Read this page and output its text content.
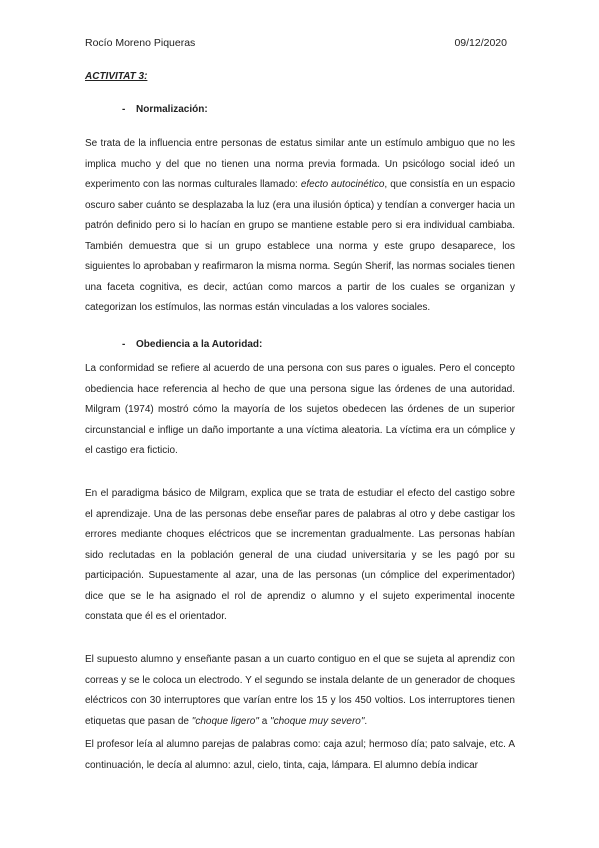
Rocío Moreno Piqueras	09/12/2020
ACTIVITAT 3:
- Normalización:

Se trata de la influencia entre personas de estatus similar ante un estímulo ambiguo que no les implica mucho y del que no tienen una norma previa formada. Un psicólogo social ideó un experimento con las normas culturales llamado: efecto autocinético, que consistía en un espacio oscuro saber cuánto se desplazaba la luz (era una ilusión óptica) y tendían a converger hacia un patrón definido pero si lo hacían en grupo se mantiene estable pero si era individual cambiaba. También demuestra que si un grupo establece una norma y este grupo desaparece, los siguientes lo aprobaban y reafirmaron la misma norma. Según Sherif, las normas sociales tienen una faceta cognitiva, es decir, actúan como marcos a partir de los cuales se organizan y categorizan los estímulos, las normas están vinculadas a los valores sociales.

- Obediencia a la Autoridad:

La conformidad se refiere al acuerdo de una persona con sus pares o iguales. Pero el concepto obediencia hace referencia al hecho de que una persona sigue las órdenes de una autoridad. Milgram (1974) mostró cómo la mayoría de los sujetos obedecen las órdenes de un superior circunstancial e inflige un daño importante a una víctima aleatoria. La víctima era un cómplice y el castigo era ficticio.

En el paradigma básico de Milgram, explica que se trata de estudiar el efecto del castigo sobre el aprendizaje. Una de las personas debe enseñar pares de palabras al otro y debe castigar los errores mediante choques eléctricos que se incrementan gradualmente. Las personas habían sido reclutadas en la población general de una ciudad universitaria y se les pagó por su participación. Supuestamente al azar, una de las personas (un cómplice del experimentador) dice que se le ha asignado el rol de aprendiz o alumno y el sujeto experimental inocente constata que él es el orientador.

El supuesto alumno y enseñante pasan a un cuarto contiguo en el que se sujeta al aprendiz con correas y se le coloca un electrodo. Y el segundo se instala delante de un generador de choques eléctricos con 30 interruptores que varían entre los 15 y los 450 voltios. Los interruptores tienen etiquetas que pasan de "choque ligero" a "choque muy severo".

El profesor leía al alumno parejas de palabras como: caja azul; hermoso día; pato salvaje, etc. A continuación, le decía al alumno: azul, cielo, tinta, caja, lámpara. El alumno debía indicar
